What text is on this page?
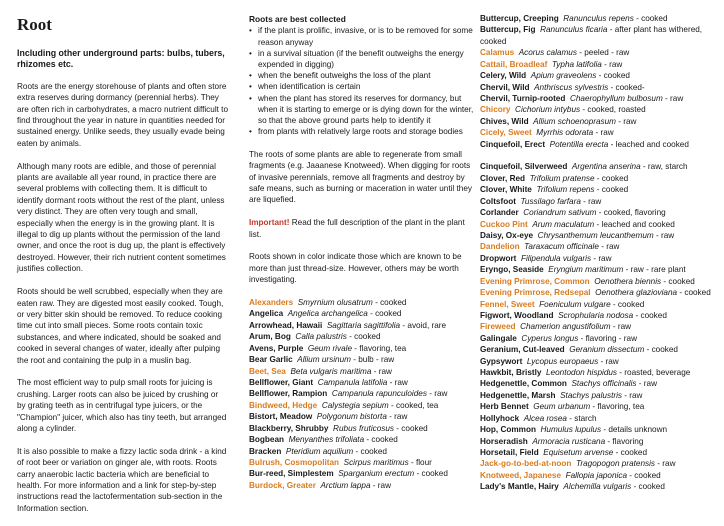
Root
Including other underground parts: bulbs, tubers, rhizomes etc.
Roots are the energy storehouse of plants and often store extra reserves during dormancy (perennial herbs). They are often rich in carbohydrates, a macro nutrient difficult to find throughout the year in nature in quantities needed for sustained energy. Unlike seeds, they usually evade being eaten by animals.
Although many roots are edible, and those of perennial plants are available all year round, in practice there are several problems with collecting them. It is difficult to identify dormant roots without the rest of the plant, unless very distinct. They are often very tough and small, especially when the energy is in the growing plant. It is illegal to dig up plants without the permission of the land owner, and once the root is dug up, the plant is effectively destroyed. However, their rich nutrient content sometimes justifies collection.
Roots should be well scrubbed, especially when they are eaten raw. They are digested most easily cooked. Tough, or very bitter skin should be removed. To reduce cooking time cut into small pieces. Some roots contain toxic substances, and where indicated, should be soaked and cooked in several changes of water, ideally after pulping the root and containing the pulp in a muslin bag.
The most efficient way to pulp small roots for juicing is crushing. Larger roots can also be juiced by crushing or by grating teeth as in centrifugal type juicers, or the "Champion" juicer, which also has tiny teeth, but arranged along a cylinder.
It is also possible to make a fizzy lactic soda drink - a kind of root beer or variation on ginger ale, with roots. Roots carry anaerobic lactic bacteria which are beneficial to health. For more information and a link for step-by-step instructions read the lactofermentation sub-section in the Information section.
Roots are best collected
• if the plant is prolific, invasive, or is to be removed for some reason anyway
• in a survival situation (if the benefit outweighs the energy expended in digging)
• when the benefit outweighs the loss of the plant
• when identification is certain
• when the plant has stored its reserves for dormancy, but when it is starting to emerge or is dying down for the winter, so that the above ground parts help to identify it
• from plants with relatively large roots and storage bodies
The roots of some plants are able to regenerate from small fragments (e.g. Jaaanese Knotweed). When digging for roots of invasive perennials, remove all fragments and destroy by safe means, such as burning or maceration in water until they are liquefied.
Important! Read the full description of the plant in the plant list.
Roots shown in color indicate those which are known to be more than just thread-size. However, others may be worth investigating.
Alexanders Smyrnium olusatrum - cooked
Angelica Angelica archangelica - cooked
Arrowhead, Hawaii Sagittaria sagittifolia - avoid, rare
Arum, Bog Calla palustris - cooked
Avens, Purple Geum rivale - flavoring, tea
Bear Garlic Allium ursinum - bulb - raw
Beet, Sea Beta vulgaris maritima - raw
Bellflower, Giant Campanula latifolia - raw
Bellflower, Rampion Campanula rapunculoides - raw
Bindweed, Hedge Calystegia sepium - cooked, tea
Bistort, Meadow Polygonum bistorta - raw
Blackberry, Shrubby Rubus fruticosus - cooked
Bogbean Menyanthes trifoliata - cooked
Bracken Pteridium aquilium - cooked
Bulrush, Cosmopolitan Scirpus maritimus - flour
Bur-reed, Simplestem Sparganium erectum - cooked
Burdock, Greater Arctium lappa - raw
Buttercup, Creeping Ranunculus repens - cooked
Buttercup, Fig Ranunculus ficaria - after plant has withered, cooked
Calamus Acorus calamus - peeled - raw
Cattail, Broadleaf Typha latifolia - raw
Celery, Wild Apium graveolens - cooked
Chervil, Wild Anthriscus sylvestris - cooked-
Chervil, Turnip-rooted Chaerophyllum bulbosum - raw
Chicory Cichorium intybus - cooked, roasted
Chives, Wild Allium schoenoprasum - raw
Cicely, Sweet Myrrhis odorata - raw
Cinquefoil, Erect Potentilla erecta - leached and cooked
Cinquefoil, Silverweed Argentina anserina - raw, starch
Clover, Red Trifolium pratense - cooked
Clover, White Trifolium repens - cooked
Coltsfoot Tussilago farfara - raw
Corlander Coriandrum sativum - cooked, flavoring
Cuckoo Pint Arum maculatum - leached and cooked
Daisy, Ox-eye Chrysanthemum leucanthemum - raw
Dandelion Taraxacum officinale - raw
Dropwort Filipendula vulgaris - raw
Eryngo, Seaside Eryngium maritimum - raw - rare plant
Evening Primrose, Common Oenothera biennis - cooked
Evening Primrose, Redsepal Oenothera glazioviana - cooked
Fennel, Sweet Foeniculum vulgare - cooked
Figwort, Woodland Scrophularia nodosa - cooked
Fireweed Chamerion angustifolium - raw
Galingale Cyperus longus - flavoring - raw
Geranium, Cut-leaved Geranium dissectum - cooked
Gypsywort Lycopus europaeus - raw
Hawkbit, Bristly Leontodon hispidus - roasted, beverage
Hedgenettle, Common Stachys officinalis - raw
Hedgenettle, Marsh Stachys palustris - raw
Herb Bennet Geum urbanum - flavoring, tea
Hollyhock Alcea rosea - starch
Hop, Common Humulus lupulus - details unknown
Horseradish Armoracia rusticana - flavoring
Horsetail, Field Equisetum arvense - cooked
Jack-go-to-bed-at-noon Tragopogon pratensis - raw
Knotweed, Japanese Fallopia japonica - cooked
Lady's Mantle, Hairy Alchemilla vulgaris - cooked
